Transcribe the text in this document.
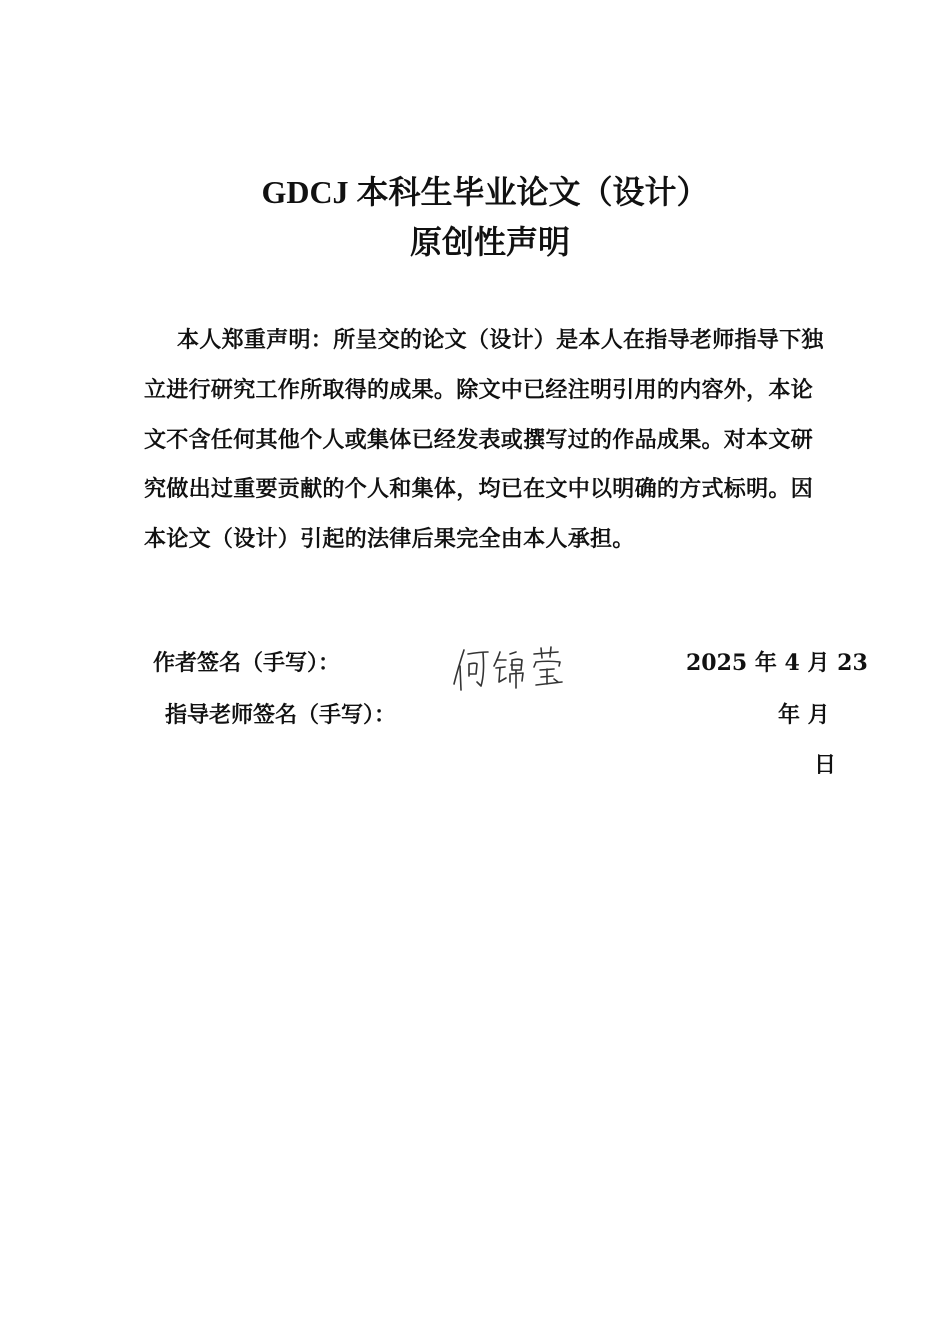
GDCJ 本科生毕业论文（设计）
原创性声明

本人郑重声明：所呈交的论文（设计）是本人在指导老师指导下独立进行研究工作所取得的成果。除文中已经注明引用的内容外，本论文不含任何其他个人或集体已经发表或撰写过的作品成果。对本文研究做出过重要贡献的个人和集体，均已在文中以明确的方式标明。因本论文（设计）引起的法律后果完全由本人承担。

作者签名（手写）：	2025 年 4 月 23
指导老师签名（手写）：	年 月
日
